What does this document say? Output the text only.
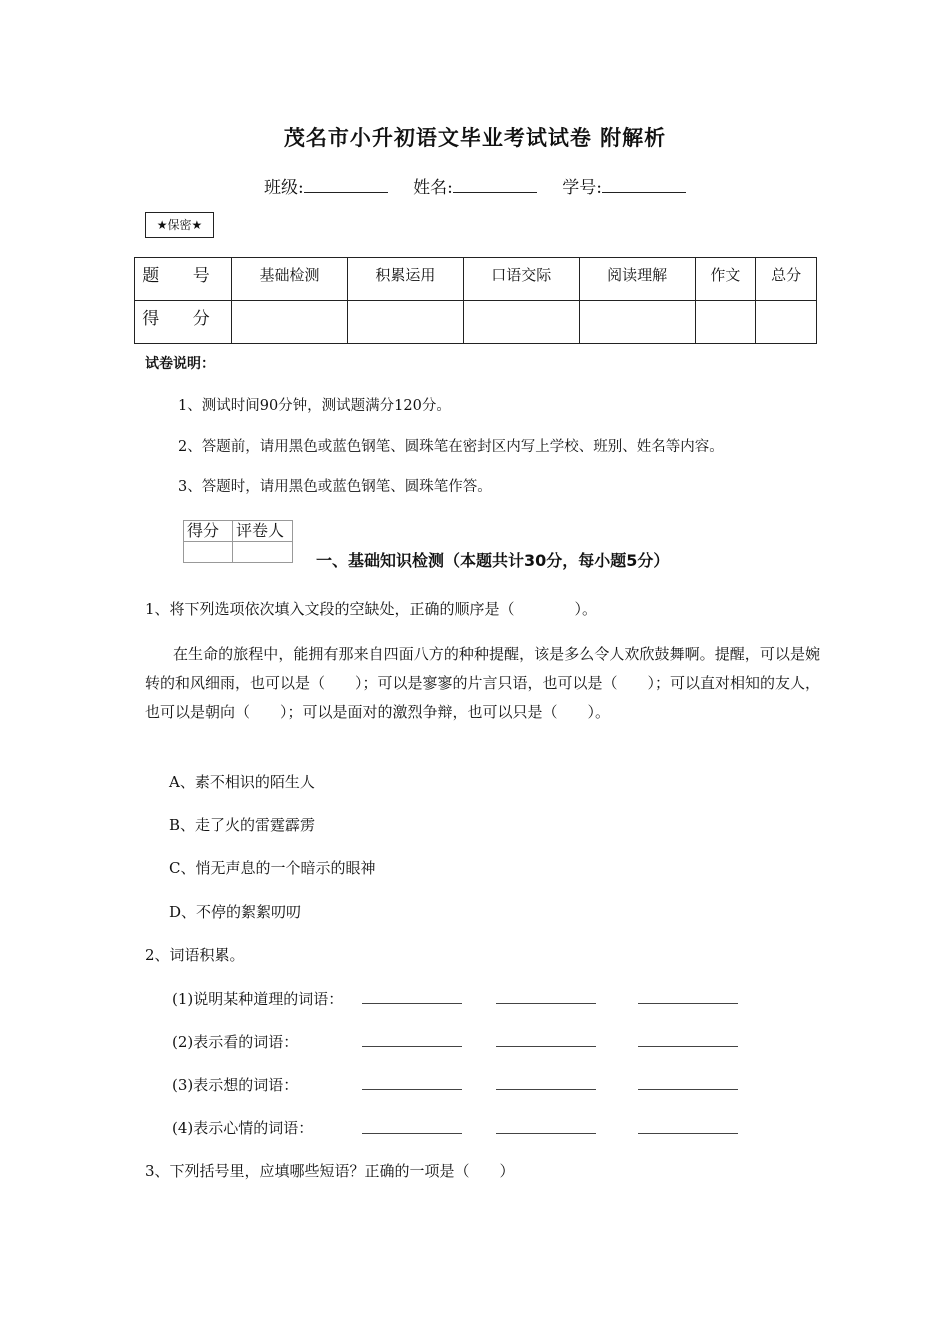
茂名市小升初语文毕业考试试卷 附解析
班级:	姓名:	学号:
★保密★
题 号	基础检测	积累运用	口语交际	阅读理解	作文	总分
得 分						
试卷说明：
1、测试时间90分钟，测试题满分120分。
2、答题前，请用黑色或蓝色钢笔、圆珠笔在密封区内写上学校、班别、姓名等内容。
3、答题时，请用黑色或蓝色钢笔、圆珠笔作答。
得分	评卷人

一、基础知识检测（本题共计30分，每小题5分）
1、将下列选项依次填入文段的空缺处，正确的顺序是（　　　　）。
在生命的旅程中，能拥有那来自四面八方的种种提醒，该是多么令人欢欣鼓舞啊。提醒，可以是婉转的和风细雨，也可以是（　　）；可以是寥寥的片言只语，也可以是（　　）；可以直对相知的友人，也可以是朝向（　　）；可以是面对的激烈争辩，也可以只是（　　）。
A、素不相识的陌生人
B、走了火的雷霆霹雳
C、悄无声息的一个暗示的眼神
D、不停的絮絮叨叨
2、词语积累。
(1)说明某种道理的词语：
(2)表示看的词语：
(3)表示想的词语：
(4)表示心情的词语：
3、下列括号里，应填哪些短语？正确的一项是（　　）
